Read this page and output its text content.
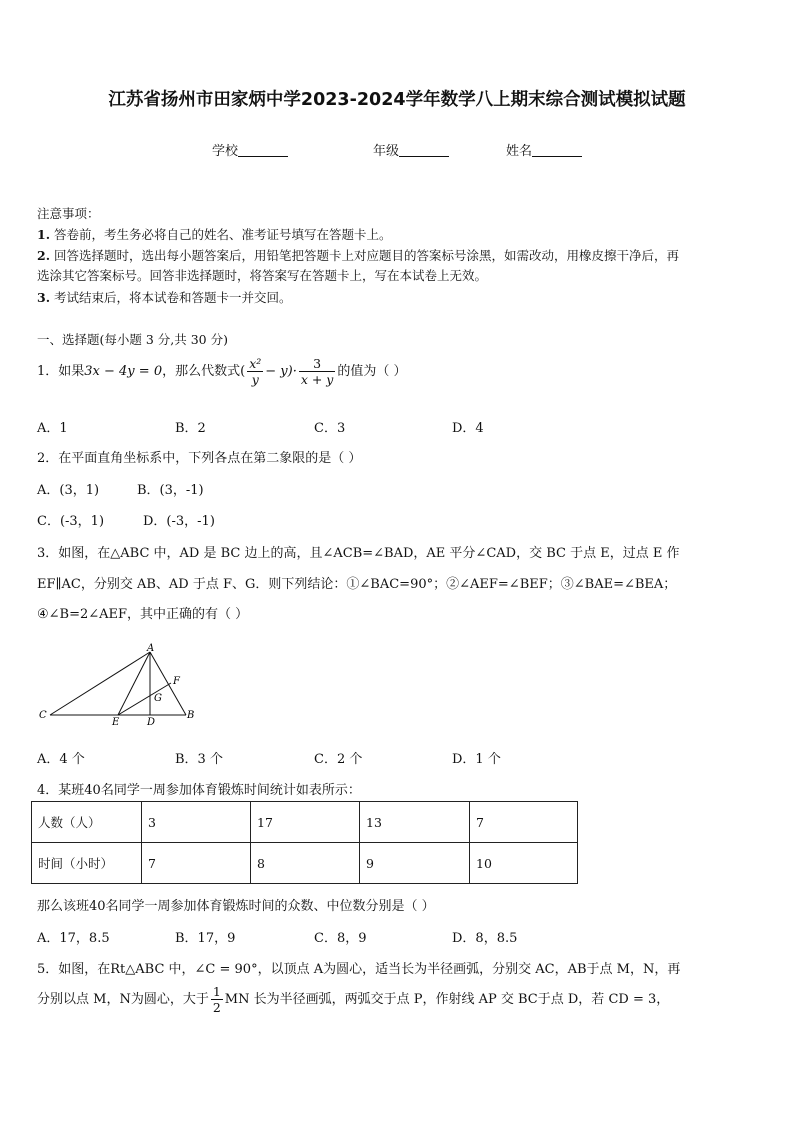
江苏省扬州市田家炳中学2023-2024学年数学八上期末综合测试模拟试题
学校	年级	姓名
注意事项：
1. 答卷前，考生务必将自己的姓名、准考证号填写在答题卡上。
2. 回答选择题时，选出每小题答案后，用铅笔把答题卡上对应题目的答案标号涂黑，如需改动，用橡皮擦干净后，再
选涂其它答案标号。回答非选择题时，将答案写在答题卡上，写在本试卷上无效。
3. 考试结束后，将本试卷和答题卡一并交回。
一、选择题(每小题 3 分,共 30 分)
1．如果3x − 4y = 0，那么代数式( $\frac{\text{x²}}{y} - y)\cdot \frac{3}{x + y}$ 的值为（ ）
A．1	B．2	C．3	D．4
2．在平面直角坐标系中，下列各点在第二象限的是（ ）
A．(3，1)	B．(3，-1)
C．(-3，1)	D．(-3，-1)
3．如图，在△ABC 中，AD 是 BC 边上的高，且∠ACB=∠BAD，AE 平分∠CAD，交 BC 于点 E，过点 E 作
EF∥AC，分别交 AB、AD 于点 F、G．则下列结论：①∠BAC=90°；②∠AEF=∠BEF；③∠BAE=∠BEA；
④∠B=2∠AEF，其中正确的有（ ）
A
F
G
C
E	D
B
A．4 个	B．3 个	C．2 个	D．1 个
4．某班40名同学一周参加体育锻炼时间统计如表所示：
人数（人）	3	17	13	7
时间（小时）	7	8	9	10
那么该班40名同学一周参加体育锻炼时间的众数、中位数分别是（ ）
A．17，8.5	B．17，9	C．8，9	D．8，8.5
5．如图，在Rt△ABC 中，∠C = 90°，以顶点 A为圆心，适当长为半径画弧，分别交 AC，AB于点 M，N，再
分别以点 M，N为圆心，大于 $\frac{1}{2}$ MN 长为半径画弧，两弧交于点 P，作射线 AP 交 BC于点 D，若 CD = 3，
